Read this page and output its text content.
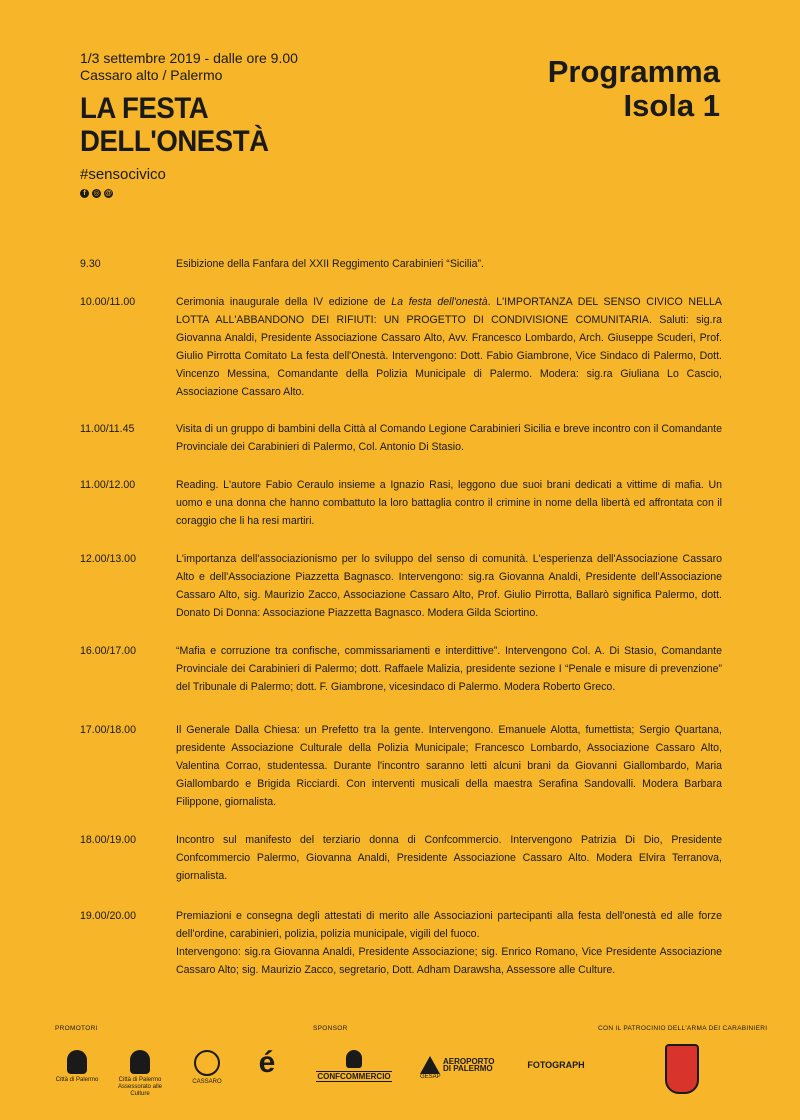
1/3 settembre 2019 - dalle ore 9.00
Cassaro alto / Palermo
LA FESTA
DELL'ONESTÀ
#sensocivico
f	◎ @
Programma
Isola 1
9.30	Esibizione della Fanfara del XXII Reggimento Carabinieri “Sicilia”.
10.00/11.00	Cerimonia inaugurale della IV edizione de La festa dell'onestà. L'IMPORTANZA DEL SENSO CIVICO NELLA LOTTA ALL'ABBANDONO DEI RIFIUTI: UN PROGETTO DI CONDIVISIONE COMUNITARIA. Saluti: sig.ra Giovanna Analdi, Presidente Associazione Cassaro Alto, Avv. Francesco Lombardo, Arch. Giuseppe Scuderi, Prof. Giulio Pirrotta Comitato La festa dell'Onestà. Intervengono: Dott. Fabio Giambrone, Vice Sindaco di Palermo, Dott. Vincenzo Messina, Comandante della Polizia Municipale di Palermo. Modera: sig.ra Giuliana Lo Cascio, Associazione Cassaro Alto.
11.00/11.45	Visita di un gruppo di bambini della Città al Comando Legione Carabinieri Sicilia e breve incontro con il Comandante Provinciale dei Carabinieri di Palermo, Col. Antonio Di Stasio.
11.00/12.00	Reading. L'autore Fabio Ceraulo insieme a Ignazio Rasi, leggono due suoi brani dedicati a vittime di mafia. Un uomo e una donna che hanno combattuto la loro battaglia contro il crimine in nome della libertà ed affrontata con il coraggio che li ha resi martiri.
12.00/13.00	L'importanza dell'associazionismo per lo sviluppo del senso di comunità. L'esperienza dell'Associazione Cassaro Alto e dell'Associazione Piazzetta Bagnasco. Intervengono: sig.ra Giovanna Analdi, Presidente dell'Associazione Cassaro Alto, sig. Maurizio Zacco, Associazione Cassaro Alto, Prof. Giulio Pirrotta, Ballarò significa Palermo, dott. Donato Di Donna: Associazione Piazzetta Bagnasco. Modera Gilda Sciortino.
16.00/17.00	“Mafia e corruzione tra confische, commissariamenti e interdittive”. Intervengono Col. A. Di Stasio, Comandante Provinciale dei Carabinieri di Palermo; dott. Raffaele Malizia, presidente sezione I “Penale e misure di prevenzione” del Tribunale di Palermo; dott. F. Giambrone, vicesindaco di Palermo. Modera Roberto Greco.
17.00/18.00	Il Generale Dalla Chiesa: un Prefetto tra la gente. Intervengono. Emanuele Alotta, fumettista; Sergio Quartana, presidente Associazione Culturale della Polizia Municipale; Francesco Lombardo, Associazione Cassaro Alto, Valentina Corrao, studentessa. Durante l'incontro saranno letti alcuni brani da Giovanni Giallombardo, Maria Giallombardo e Brigida Ricciardi. Con interventi musicali della maestra Serafina Sandovalli. Modera Barbara Filippone, giornalista.
18.00/19.00	Incontro sul manifesto del terziario donna di Confcommercio. Intervengono Patrizia Di Dio, Presidente Confcommercio Palermo, Giovanna Analdi, Presidente Associazione Cassaro Alto. Modera Elvira Terranova, giornalista.
19.00/20.00	Premiazioni e consegna degli attestati di merito alle Associazioni partecipanti alla festa dell'onestà ed alle forze dell'ordine, carabinieri, polizia, polizia municipale, vigili del fuoco.
Intervengono: sig.ra Giovanna Analdi, Presidente Associazione; sig. Enrico Romano, Vice Presidente Associazione Cassaro Alto; sig. Maurizio Zacco, segretario, Dott. Adham Darawsha, Assessore alle Culture.
PROMOTORI	SPONSOR	CON IL PATROCINIO DELL'ARMA DEI CARABINIERI
Città di Palermo	Città di Palermo
Assessorato alle Culture
CASSARO
é	CONFCOMMERCIO
AEROPORTO
DI PALERMO
GESAP
FOTOGRAPH
